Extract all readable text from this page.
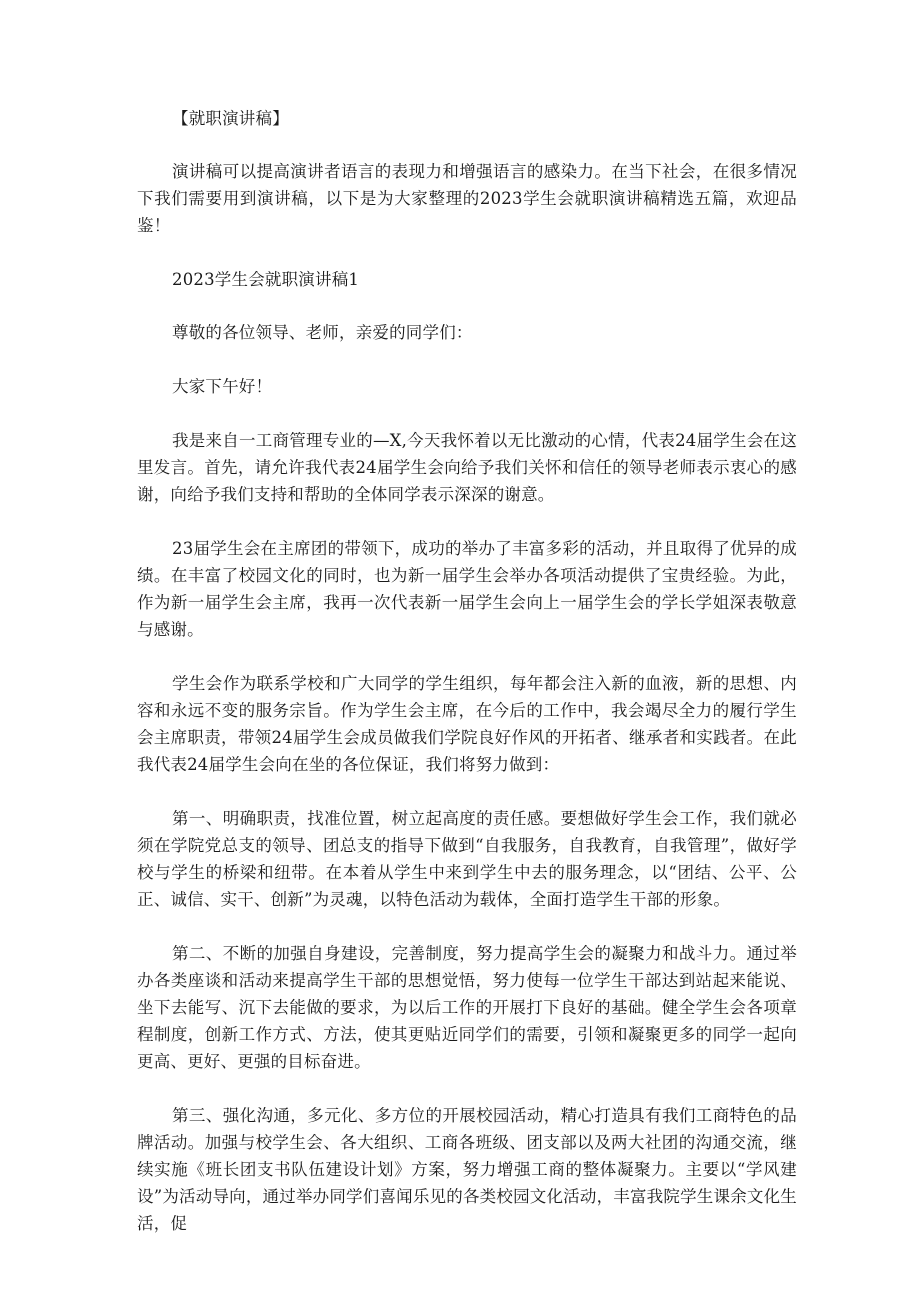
【就职演讲稿】

演讲稿可以提高演讲者语言的表现力和增强语言的感染力。在当下社会，在很多情况下我们需要用到演讲稿，以下是为大家整理的2023学生会就职演讲稿精选五篇，欢迎品鉴！

2023学生会就职演讲稿1

尊敬的各位领导、老师，亲爱的同学们：

大家下午好！

我是来自一工商管理专业的—X,今天我怀着以无比激动的心情，代表24届学生会在这里发言。首先，请允许我代表24届学生会向给予我们关怀和信任的领导老师表示衷心的感谢，向给予我们支持和帮助的全体同学表示深深的谢意。

23届学生会在主席团的带领下，成功的举办了丰富多彩的活动，并且取得了优异的成绩。在丰富了校园文化的同时，也为新一届学生会举办各项活动提供了宝贵经验。为此，作为新一届学生会主席，我再一次代表新一届学生会向上一届学生会的学长学姐深表敬意与感谢。

学生会作为联系学校和广大同学的学生组织，每年都会注入新的血液，新的思想、内容和永远不变的服务宗旨。作为学生会主席，在今后的工作中，我会竭尽全力的履行学生会主席职责，带领24届学生会成员做我们学院良好作风的开拓者、继承者和实践者。在此我代表24届学生会向在坐的各位保证，我们将努力做到：

第一、明确职责，找准位置，树立起高度的责任感。要想做好学生会工作，我们就必须在学院党总支的领导、团总支的指导下做到“自我服务，自我教育，自我管理”，做好学校与学生的桥梁和纽带。在本着从学生中来到学生中去的服务理念，以“团结、公平、公正、诚信、实干、创新”为灵魂，以特色活动为载体，全面打造学生干部的形象。

第二、不断的加强自身建设，完善制度，努力提高学生会的凝聚力和战斗力。通过举办各类座谈和活动来提高学生干部的思想觉悟，努力使每一位学生干部达到站起来能说、坐下去能写、沉下去能做的要求，为以后工作的开展打下良好的基础。健全学生会各项章程制度，创新工作方式、方法，使其更贴近同学们的需要，引领和凝聚更多的同学一起向更高、更好、更强的目标奋进。

第三、强化沟通，多元化、多方位的开展校园活动，精心打造具有我们工商特色的品牌活动。加强与校学生会、各大组织、工商各班级、团支部以及两大社团的沟通交流，继续实施《班长团支书队伍建设计划》方案，努力增强工商的整体凝聚力。主要以“学风建设”为活动导向，通过举办同学们喜闻乐见的各类校园文化活动，丰富我院学生课余文化生活，促
